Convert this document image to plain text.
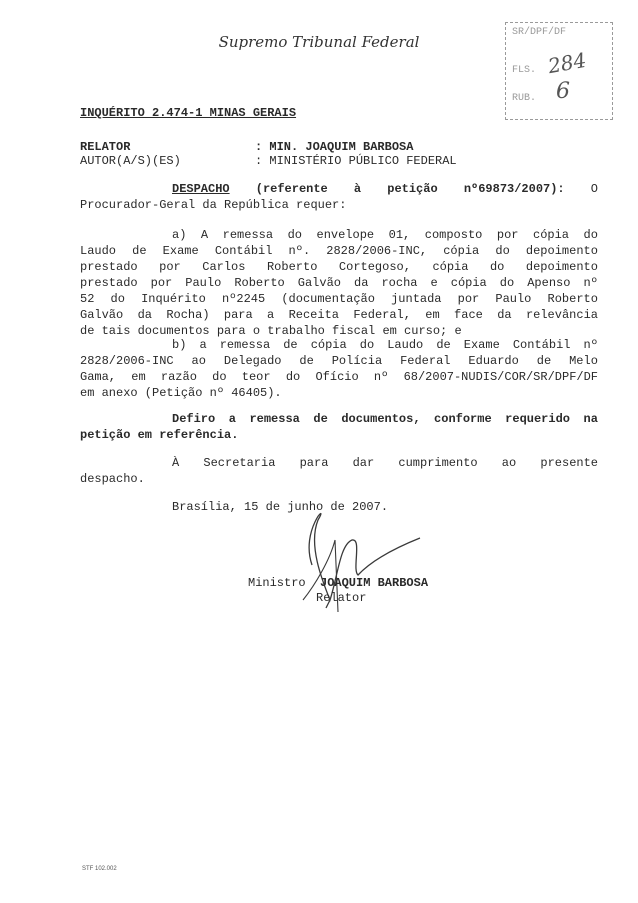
Supremo Tribunal Federal
SR/DPF/DF
FLS. 284
RUB. 6
INQUÉRITO 2.474-1 MINAS GERAIS
RELATOR	: MIN. JOAQUIM BARBOSA
AUTOR(A/S)(ES)	: MINISTÉRIO PÚBLICO FEDERAL
DESPACHO (referente à petição nº69873/2007): O
Procurador-Geral da República requer:
a) A remessa do envelope 01, composto por cópia do
Laudo de Exame Contábil nº. 2828/2006-INC, cópia do depoimento
prestado por Carlos Roberto Cortegoso, cópia do depoimento
prestado por Paulo Roberto Galvão da rocha e cópia do Apenso nº
52 do Inquérito nº2245 (documentação juntada por Paulo Roberto
Galvão da Rocha) para a Receita Federal, em face da relevância
de tais documentos para o trabalho fiscal em curso; e
b) a remessa de cópia do Laudo de Exame Contábil nº
2828/2006-INC ao Delegado de Polícia Federal Eduardo de Melo
Gama, em razão do teor do Ofício nº 68/2007-NUDIS/COR/SR/DPF/DF
em anexo (Petição nº 46405).
Defiro a remessa de documentos, conforme requerido na
petição em referência.
À Secretaria para dar cumprimento ao presente
despacho.
Brasília, 15 de junho de 2007.
Ministro JOAQUIM BARBOSA
Relator
STF 102.002
